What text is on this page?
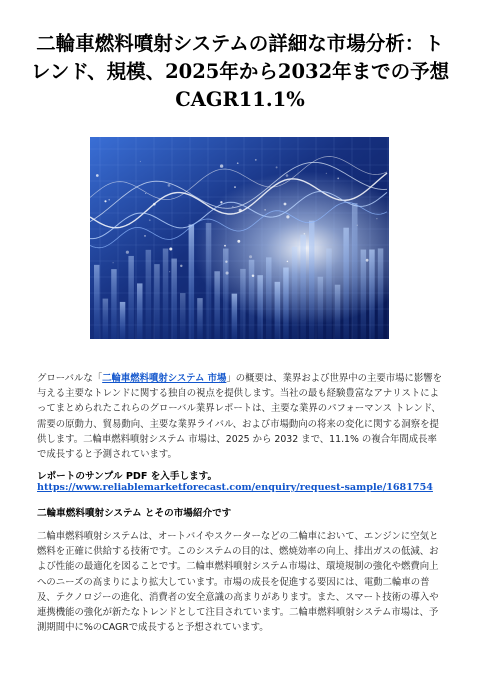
二輪車燃料噴射システムの詳細な市場分析：トレンド、規模、2025年から2032年までの予想CAGR11.1%

グローバルな「二輪車燃料噴射システム 市場」の概要は、業界および世界中の主要市場に影響を与える主要なトレンドに関する独自の視点を提供します。当社の最も経験豊富なアナリストによってまとめられたこれらのグローバル業界レポートは、主要な業界のパフォーマンス トレンド、需要の原動力、貿易動向、主要な業界ライバル、および市場動向の将来の変化に関する洞察を提供します。二輪車燃料噴射システム 市場は、2025 から 2032 まで、11.1% の複合年間成長率で成長すると予測されています。

レポートのサンプル PDF を入手します。

https://www.reliablemarketforecast.com/enquiry/request-sample/1681754

二輪車燃料噴射システム とその市場紹介です

二輪車燃料噴射システムは、オートバイやスクーターなどの二輪車において、エンジンに空気と燃料を正確に供給する技術です。このシステムの目的は、燃焼効率の向上、排出ガスの低減、および性能の最適化を図ることです。二輪車燃料噴射システム市場は、環境規制の強化や燃費向上へのニーズの高まりにより拡大しています。市場の成長を促進する要因には、電動二輪車の普及、テクノロジーの進化、消費者の安全意識の高まりがあります。また、スマート技術の導入や連携機能の強化が新たなトレンドとして注目されています。二輪車燃料噴射システム市場は、予測期間中に%のCAGRで成長すると予想されています。
